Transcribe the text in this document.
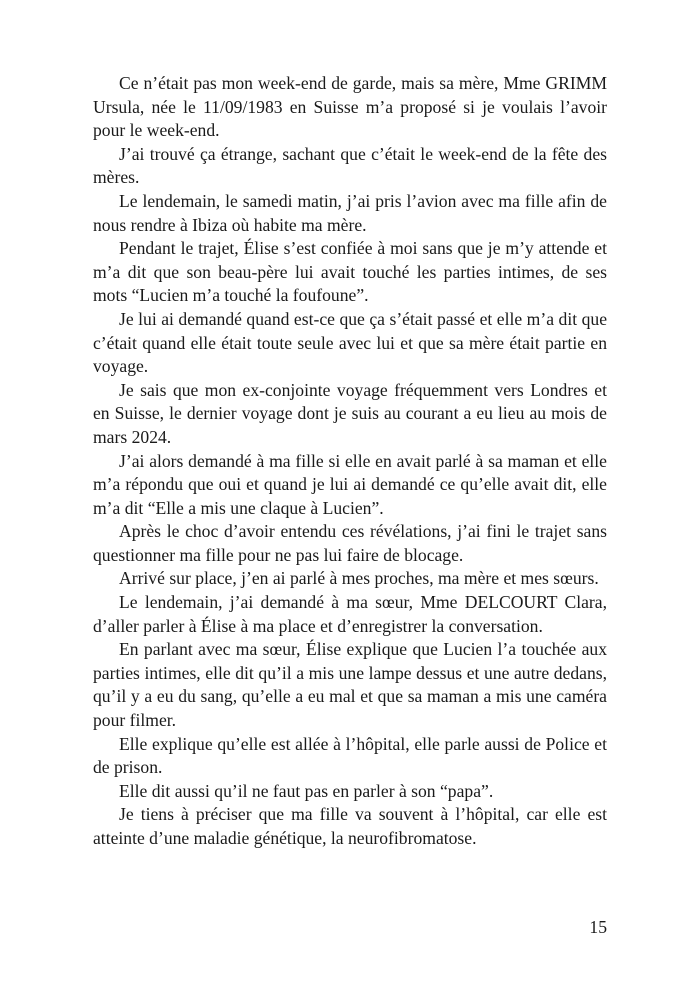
Ce n’était pas mon week-end de garde, mais sa mère, Mme GRIMM Ursula, née le 11/09/1983 en Suisse m’a proposé si je voulais l’avoir pour le week-end.

J’ai trouvé ça étrange, sachant que c’était le week-end de la fête des mères.

Le lendemain, le samedi matin, j’ai pris l’avion avec ma fille afin de nous rendre à Ibiza où habite ma mère.

Pendant le trajet, Élise s’est confiée à moi sans que je m’y attende et m’a dit que son beau-père lui avait touché les parties intimes, de ses mots “Lucien m’a touché la foufoune”.

Je lui ai demandé quand est-ce que ça s’était passé et elle m’a dit que c’était quand elle était toute seule avec lui et que sa mère était partie en voyage.

Je sais que mon ex-conjointe voyage fréquemment vers Londres et en Suisse, le dernier voyage dont je suis au courant a eu lieu au mois de mars 2024.

J’ai alors demandé à ma fille si elle en avait parlé à sa maman et elle m’a répondu que oui et quand je lui ai demandé ce qu’elle avait dit, elle m’a dit “Elle a mis une claque à Lucien”.

Après le choc d’avoir entendu ces révélations, j’ai fini le trajet sans questionner ma fille pour ne pas lui faire de blocage.

Arrivé sur place, j’en ai parlé à mes proches, ma mère et mes sœurs.

Le lendemain, j’ai demandé à ma sœur, Mme DELCOURT Clara, d’aller parler à Élise à ma place et d’enregistrer la conversation.

En parlant avec ma sœur, Élise explique que Lucien l’a touchée aux parties intimes, elle dit qu’il a mis une lampe dessus et une autre dedans, qu’il y a eu du sang, qu’elle a eu mal et que sa maman a mis une caméra pour filmer.

Elle explique qu’elle est allée à l’hôpital, elle parle aussi de Police et de prison.

Elle dit aussi qu’il ne faut pas en parler à son “papa”.

Je tiens à préciser que ma fille va souvent à l’hôpital, car elle est atteinte d’une maladie génétique, la neurofibromatose.

15
